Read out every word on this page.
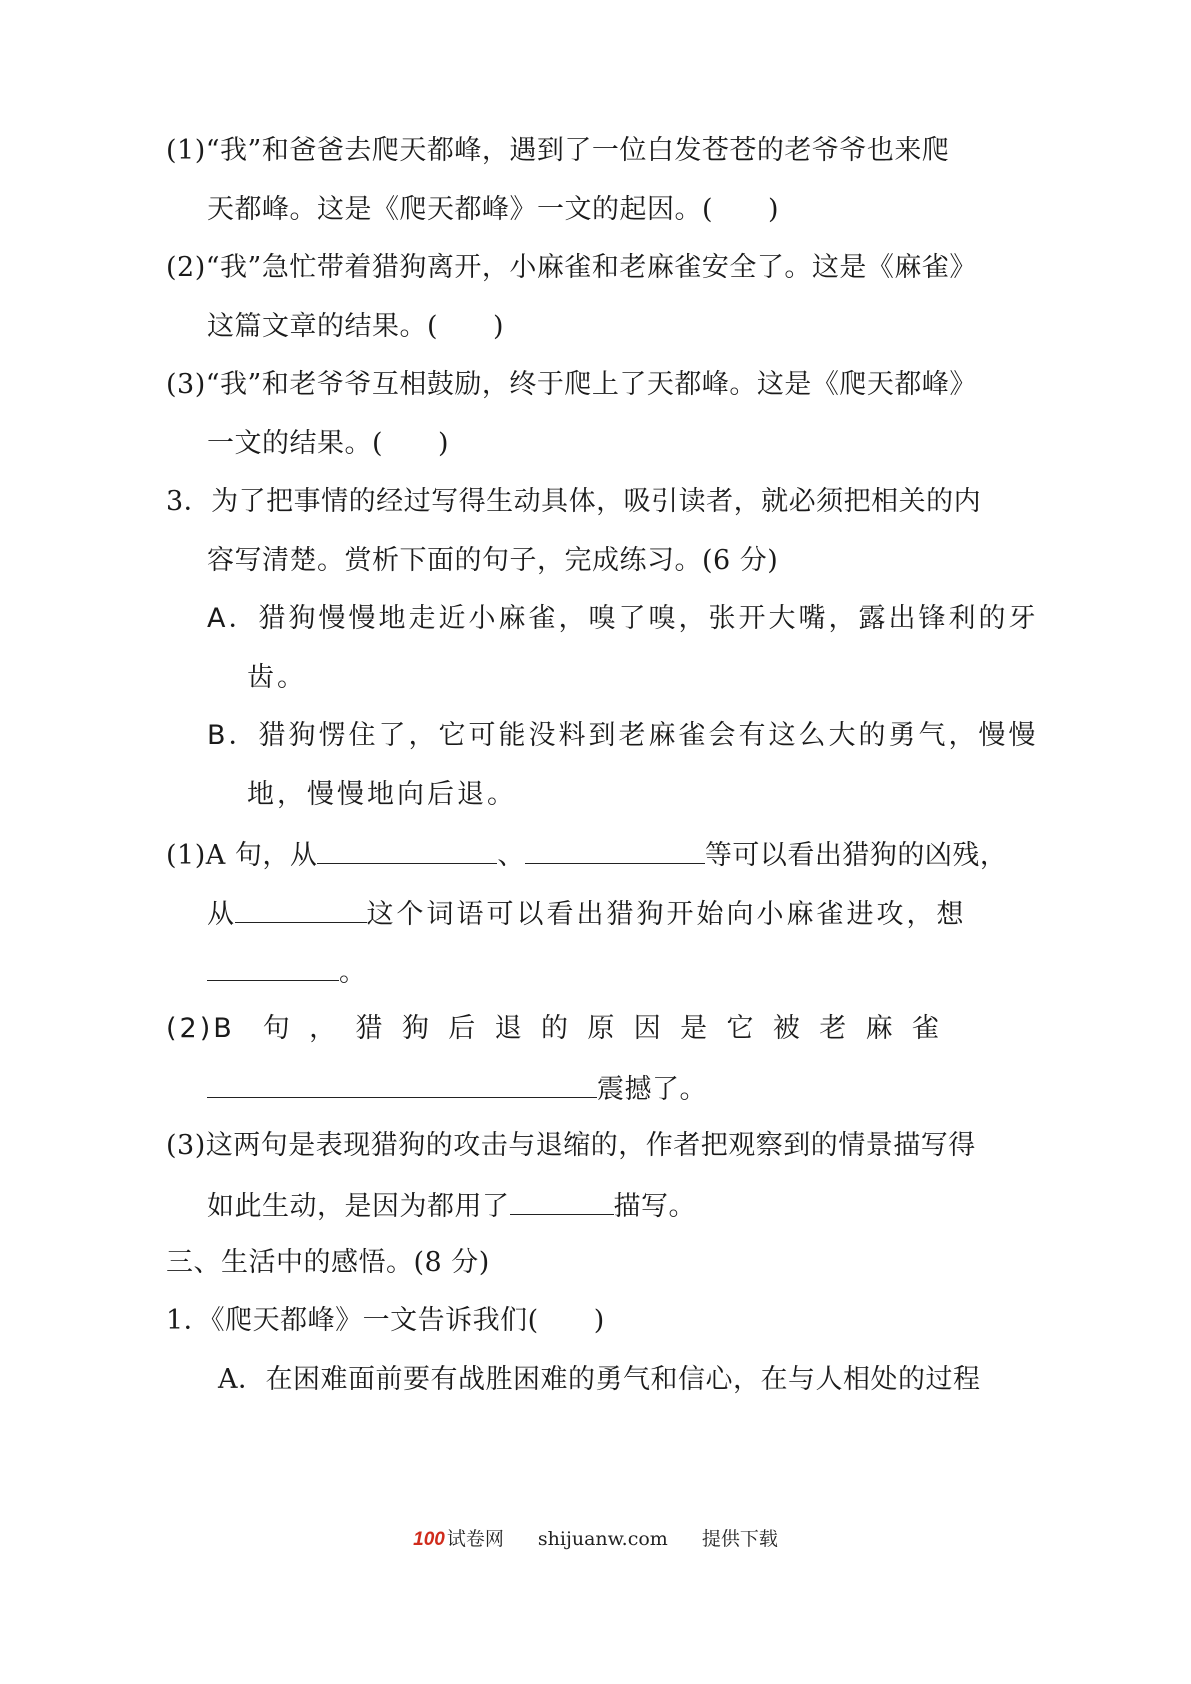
(1)“我”和爸爸去爬天都峰，遇到了一位白发苍苍的老爷爷也来爬
天都峰。这是《爬天都峰》一文的起因。(　　)
(2)“我”急忙带着猎狗离开，小麻雀和老麻雀安全了。这是《麻雀》
这篇文章的结果。(　　)
(3)“我”和老爷爷互相鼓励，终于爬上了天都峰。这是《爬天都峰》
一文的结果。(　　)
3．为了把事情的经过写得生动具体，吸引读者，就必须把相关的内
容写清楚。赏析下面的句子，完成练习。(6 分)
A．猎狗慢慢地走近小麻雀，嗅了嗅，张开大嘴，露出锋利的牙
齿。
B．猎狗愣住了，它可能没料到老麻雀会有这么大的勇气，慢慢
地，慢慢地向后退。
(1)A 句，从	、	等可以看出猎狗的凶残，
从	这个词语可以看出猎狗开始向小麻雀进攻，想
。
(2)B 句，猎狗后退的原因是它被老麻雀
震撼了。
(3)这两句是表现猎狗的攻击与退缩的，作者把观察到的情景描写得
如此生动，是因为都用了	描写。
三、生活中的感悟。(8 分)
1．《爬天都峰》一文告诉我们(　　)
A．在困难面前要有战胜困难的勇气和信心，在与人相处的过程
100 试卷网 shijuanw.com 提供下载
